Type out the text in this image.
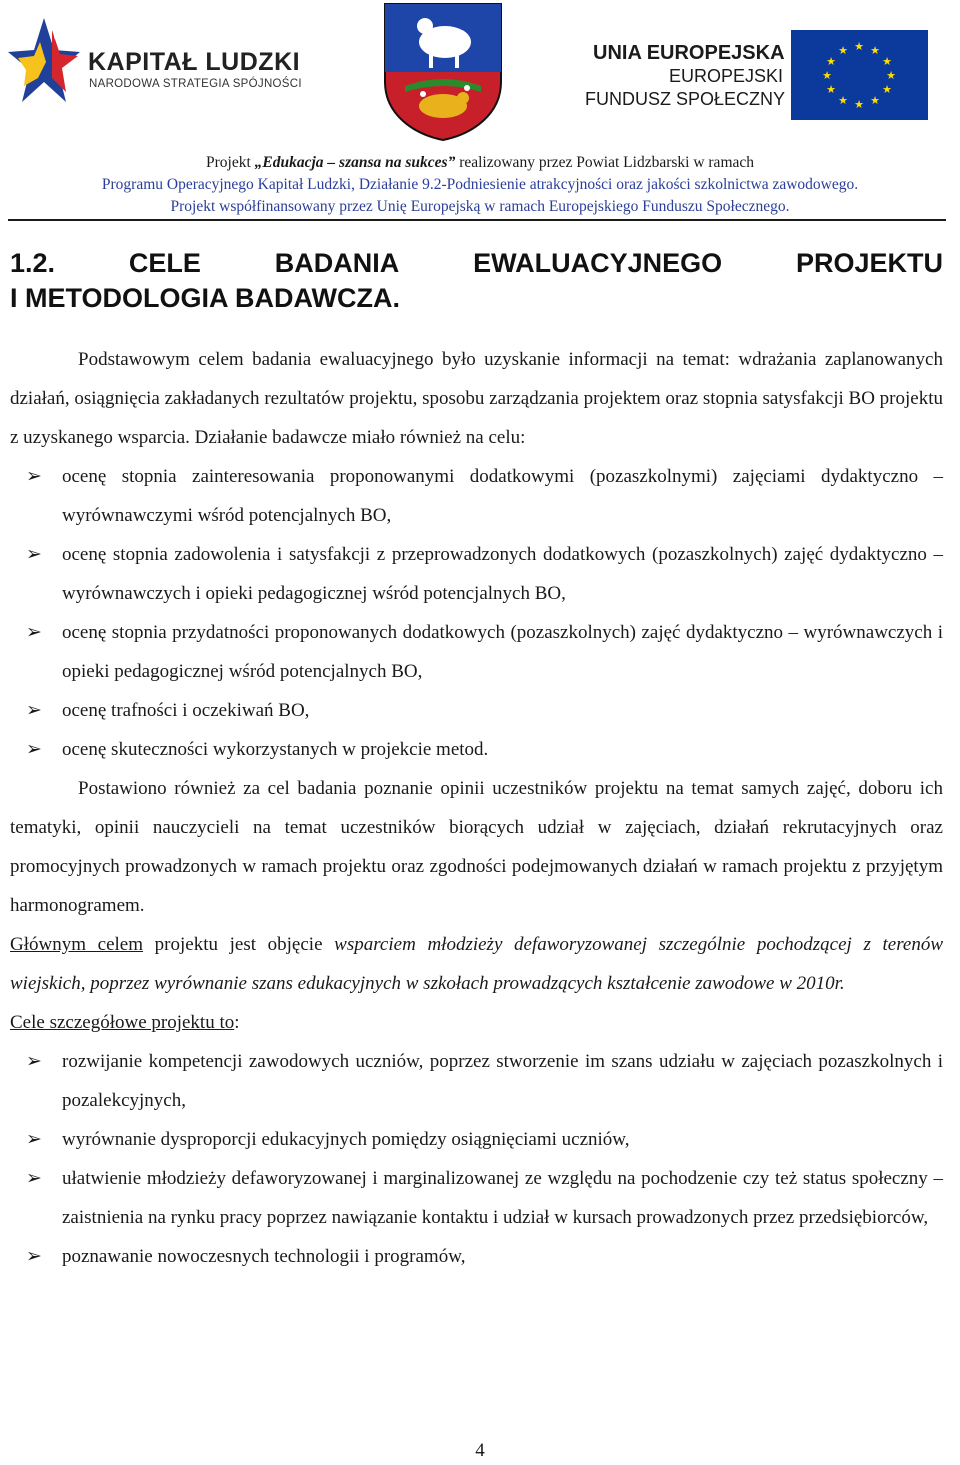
KAPITAŁ LUDZKI
NARODOWA STRATEGIA SPÓJNOŚCI
UNIA EUROPEJSKA
EUROPEJSKI
FUNDUSZ SPOŁECZNY
★ ★
★
★
★
★
★
★
★
★
★
★
Projekt „Edukacja – szansa na sukces” realizowany przez Powiat Lidzbarski w ramach
Programu Operacyjnego Kapitał Ludzki, Działanie 9.2-Podniesienie atrakcyjności oraz jakości szkolnictwa zawodowego.
Projekt współfinansowany przez Unię Europejską w ramach Europejskiego Funduszu Społecznego.
1.2.	CELE	BADANIA	EWALUACYJNEGO	PROJEKTU
I METODOLOGIA BADAWCZA.

Podstawowym celem badania ewaluacyjnego było uzyskanie informacji na temat: wdrażania zaplanowanych działań, osiągnięcia zakładanych rezultatów projektu, sposobu zarządzania projektem oraz stopnia satysfakcji BO projektu z uzyskanego wsparcia. Działanie badawcze miało również na celu:

➢ ocenę stopnia zainteresowania proponowanymi dodatkowymi (pozaszkolnymi) zajęciami dydaktyczno – wyrównawczymi wśród potencjalnych BO,
➢ ocenę stopnia zadowolenia i satysfakcji z przeprowadzonych dodatkowych (pozaszkolnych) zajęć dydaktyczno – wyrównawczych i opieki pedagogicznej wśród potencjalnych BO,
➢ ocenę stopnia przydatności proponowanych dodatkowych (pozaszkolnych) zajęć dydaktyczno – wyrównawczych i opieki pedagogicznej wśród potencjalnych BO,
➢ ocenę trafności i oczekiwań BO,
➢ ocenę skuteczności wykorzystanych w projekcie metod.

Postawiono również za cel badania poznanie opinii uczestników projektu na temat samych zajęć, doboru ich tematyki, opinii nauczycieli na temat uczestników biorących udział w zajęciach, działań rekrutacyjnych oraz promocyjnych prowadzonych w ramach projektu oraz zgodności podejmowanych działań w ramach projektu z przyjętym harmonogramem.

Głównym celem projektu jest objęcie wsparciem młodzieży defaworyzowanej szczególnie pochodzącej z terenów wiejskich, poprzez wyrównanie szans edukacyjnych w szkołach prowadzących kształcenie zawodowe w 2010r.

Cele szczegółowe projektu to:

➢ rozwijanie kompetencji zawodowych uczniów, poprzez stworzenie im szans udziału w zajęciach pozaszkolnych i pozalekcyjnych,
➢ wyrównanie dysproporcji edukacyjnych pomiędzy osiągnięciami uczniów,
➢ ułatwienie młodzieży defaworyzowanej i marginalizowanej ze względu na pochodzenie czy też status społeczny – zaistnienia na rynku pracy poprzez nawiązanie kontaktu i udział w kursach prowadzonych przez przedsiębiorców,
➢ poznawanie nowoczesnych technologii i programów,
4
